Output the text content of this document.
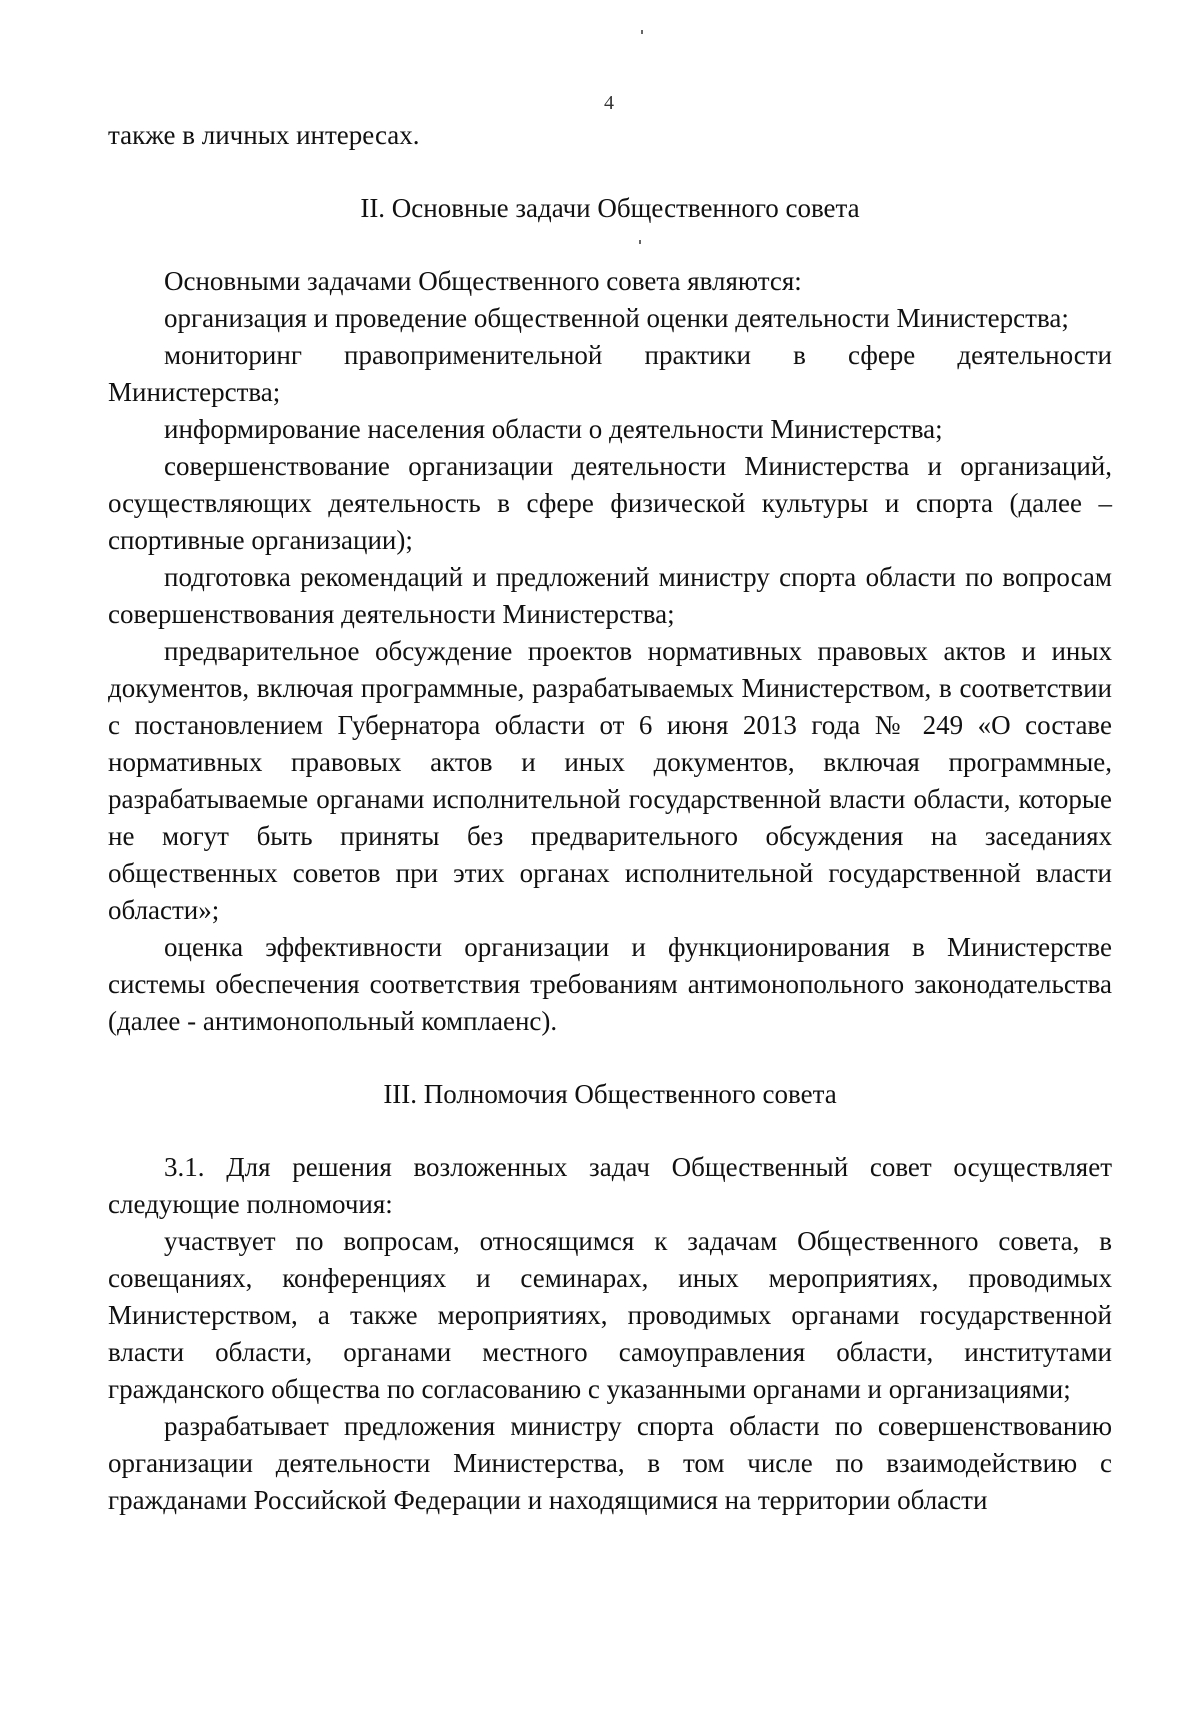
4

также в личных интересах.

II. Основные задачи Общественного совета

Основными задачами Общественного совета являются:

организация и проведение общественной оценки деятельности Министерства;

мониторинг правоприменительной практики в сфере деятельности Министерства;

информирование населения области о деятельности Министерства;

совершенствование организации деятельности Министерства и организаций, осуществляющих деятельность в сфере физической культуры и спорта (далее – спортивные организации);

подготовка рекомендаций и предложений министру спорта области по вопросам совершенствования деятельности Министерства;

предварительное обсуждение проектов нормативных правовых актов и иных документов, включая программные, разрабатываемых Министерством, в соответствии с постановлением Губернатора области от 6 июня 2013 года № 249 «О составе нормативных правовых актов и иных документов, включая программные, разрабатываемые органами исполнительной государственной власти области, которые не могут быть приняты без предварительного обсуждения на заседаниях общественных советов при этих органах исполнительной государственной власти области»;

оценка эффективности организации и функционирования в Министерстве системы обеспечения соответствия требованиям антимонопольного законодательства (далее - антимонопольный комплаенс).

III. Полномочия Общественного совета

3.1. Для решения возложенных задач Общественный совет осуществляет следующие полномочия:

участвует по вопросам, относящимся к задачам Общественного совета, в совещаниях, конференциях и семинарах, иных мероприятиях, проводимых Министерством, а также мероприятиях, проводимых органами государственной власти области, органами местного самоуправления области, институтами гражданского общества по согласованию с указанными органами и организациями;

разрабатывает предложения министру спорта области по совершенствованию организации деятельности Министерства, в том числе по взаимодействию с гражданами Российской Федерации и находящимися на территории области
